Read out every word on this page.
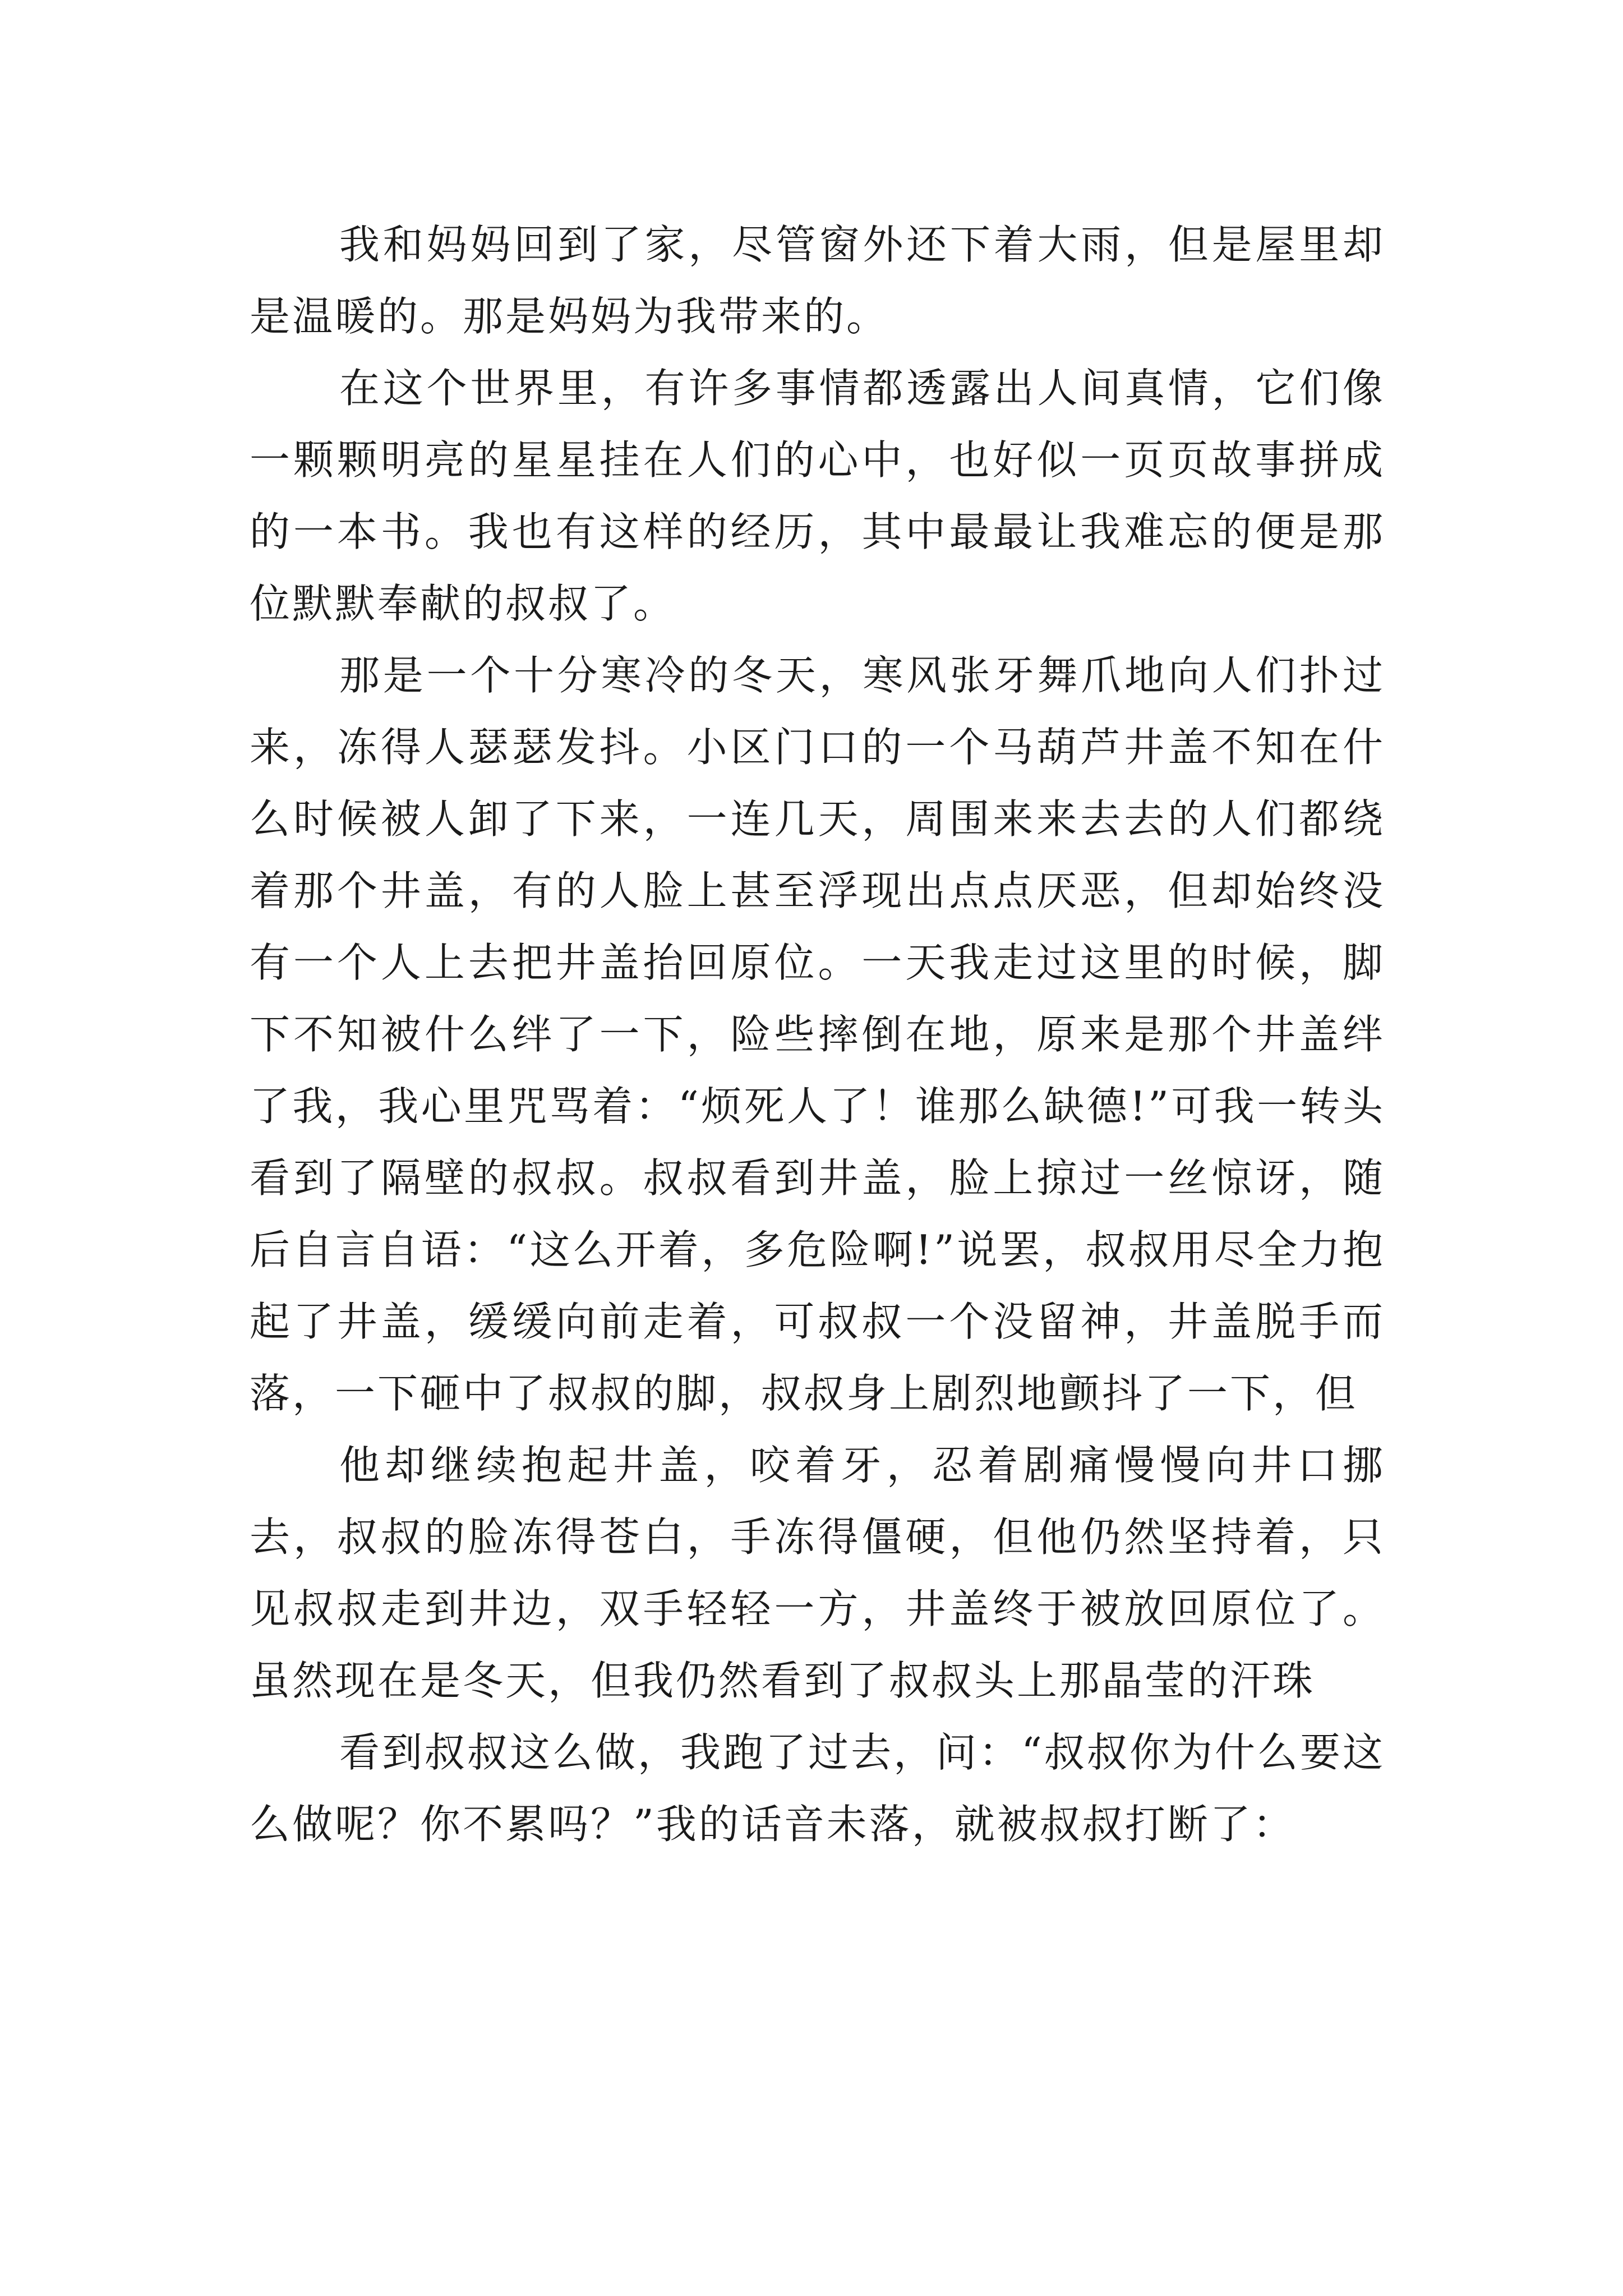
我和妈妈回到了家，尽管窗外还下着大雨，但是屋里却是温暖的。那是妈妈为我带来的。

在这个世界里，有许多事情都透露出人间真情，它们像一颗颗明亮的星星挂在人们的心中，也好似一页页故事拼成的一本书。我也有这样的经历，其中最最让我难忘的便是那位默默奉献的叔叔了。

那是一个十分寒冷的冬天，寒风张牙舞爪地向人们扑过来，冻得人瑟瑟发抖。小区门口的一个马葫芦井盖不知在什么时候被人卸了下来，一连几天，周围来来去去的人们都绕着那个井盖，有的人脸上甚至浮现出点点厌恶，但却始终没有一个人上去把井盖抬回原位。一天我走过这里的时候，脚下不知被什么绊了一下，险些摔倒在地，原来是那个井盖绊了我，我心里咒骂着：“烦死人了！谁那么缺德!”可我一转头看到了隔壁的叔叔。叔叔看到井盖，脸上掠过一丝惊讶，随后自言自语：“这么开着，多危险啊!”说罢，叔叔用尽全力抱起了井盖，缓缓向前走着，可叔叔一个没留神，井盖脱手而落，一下砸中了叔叔的脚，叔叔身上剧烈地颤抖了一下，但

他却继续抱起井盖，咬着牙，忍着剧痛慢慢向井口挪去，叔叔的脸冻得苍白，手冻得僵硬，但他仍然坚持着，只见叔叔走到井边，双手轻轻一方，井盖终于被放回原位了。虽然现在是冬天，但我仍然看到了叔叔头上那晶莹的汗珠

看到叔叔这么做，我跑了过去，问：“叔叔你为什么要这么做呢？你不累吗？”我的话音未落，就被叔叔打断了：
